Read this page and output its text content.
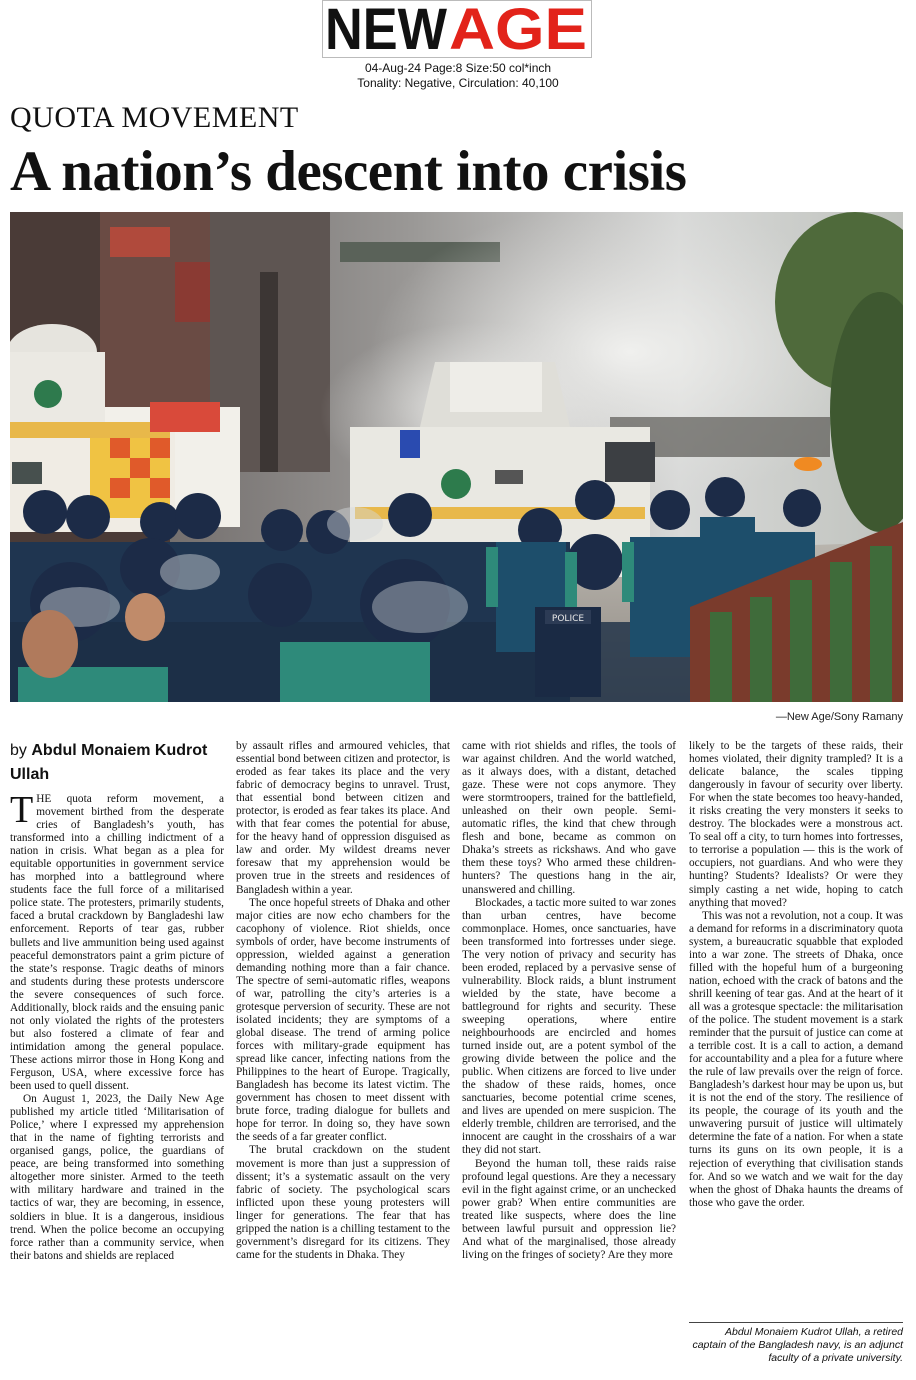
NEW AGE
04-Aug-24 Page:8 Size:50 col*inch
Tonality: Negative, Circulation: 40,100
QUOTA MOVEMENT
A nation’s descent into crisis
POLICE
—New Age/Sony Ramany
by Abdul Monaiem Kudrot Ullah

THE quota reform movement, a movement birthed from the desperate cries of Bangladesh’s youth, has transformed into a chilling indictment of a nation in crisis. What began as a plea for equitable opportunities in government service has morphed into a battleground where students face the full force of a militarised police state. The protesters, primarily students, faced a brutal crackdown by Bangladeshi law enforcement. Reports of tear gas, rubber bullets and live ammunition being used against peaceful demonstrators paint a grim picture of the state’s response. Tragic deaths of minors and students during these protests underscore the severe consequences of such force. Additionally, block raids and the ensuing panic not only violated the rights of the protesters but also fostered a climate of fear and intimidation among the general populace. These actions mirror those in Hong Kong and Ferguson, USA, where excessive force has been used to quell dissent.

On August 1, 2023, the Daily New Age published my article titled ‘Militarisation of Police,’ where I expressed my apprehension that in the name of fighting terrorists and organised gangs, police, the guardians of peace, are being transformed into something altogether more sinister. Armed to the teeth with military hardware and trained in the tactics of war, they are becoming, in essence, soldiers in blue. It is a dangerous, insidious trend. When the police become an occupying force rather than a community service, when their batons and shields are replaced

by assault rifles and armoured vehicles, that essential bond between citizen and protector, is eroded as fear takes its place and the very fabric of democracy begins to unravel. Trust, that essential bond between citizen and protector, is eroded as fear takes its place. And with that fear comes the potential for abuse, for the heavy hand of oppression disguised as law and order. My wildest dreams never foresaw that my apprehension would be proven true in the streets and residences of Bangladesh within a year.

The once hopeful streets of Dhaka and other major cities are now echo chambers for the cacophony of violence. Riot shields, once symbols of order, have become instruments of oppression, wielded against a generation demanding nothing more than a fair chance. The spectre of semi-automatic rifles, weapons of war, patrolling the city’s arteries is a grotesque perversion of security. These are not isolated incidents; they are symptoms of a global disease. The trend of arming police forces with military-grade equipment has spread like cancer, infecting nations from the Philippines to the heart of Europe. Tragically, Bangladesh has become its latest victim. The government has chosen to meet dissent with brute force, trading dialogue for bullets and hope for terror. In doing so, they have sown the seeds of a far greater conflict.

The brutal crackdown on the student movement is more than just a suppression of dissent; it’s a systematic assault on the very fabric of society. The psychological scars inflicted upon these young protesters will linger for generations. The fear that has gripped the nation is a chilling testament to the government’s disregard for its citizens. They came for the students in Dhaka. They

came with riot shields and rifles, the tools of war against children. And the world watched, as it always does, with a distant, detached gaze. These were not cops anymore. They were stormtroopers, trained for the battlefield, unleashed on their own people. Semi-automatic rifles, the kind that chew through flesh and bone, became as common on Dhaka’s streets as rickshaws. And who gave them these toys? Who armed these children-hunters? The questions hang in the air, unanswered and chilling.

Blockades, a tactic more suited to war zones than urban centres, have become commonplace. Homes, once sanctuaries, have been transformed into fortresses under siege. The very notion of privacy and security has been eroded, replaced by a pervasive sense of vulnerability. Block raids, a blunt instrument wielded by the state, have become a battleground for rights and security. These sweeping operations, where entire neighbourhoods are encircled and homes turned inside out, are a potent symbol of the growing divide between the police and the public. When citizens are forced to live under the shadow of these raids, homes, once sanctuaries, become potential crime scenes, and lives are upended on mere suspicion. The elderly tremble, children are terrorised, and the innocent are caught in the crosshairs of a war they did not start.

Beyond the human toll, these raids raise profound legal questions. Are they a necessary evil in the fight against crime, or an unchecked power grab? When entire communities are treated like suspects, where does the line between lawful pursuit and oppression lie? And what of the marginalised, those already living on the fringes of society? Are they more

likely to be the targets of these raids, their homes violated, their dignity trampled? It is a delicate balance, the scales tipping dangerously in favour of security over liberty. For when the state becomes too heavy-handed, it risks creating the very monsters it seeks to destroy. The blockades were a monstrous act. To seal off a city, to turn homes into fortresses, to terrorise a population — this is the work of occupiers, not guardians. And who were they hunting? Students? Idealists? Or were they simply casting a net wide, hoping to catch anything that moved?

This was not a revolution, not a coup. It was a demand for reforms in a discriminatory quota system, a bureaucratic squabble that exploded into a war zone. The streets of Dhaka, once filled with the hopeful hum of a burgeoning nation, echoed with the crack of batons and the shrill keening of tear gas. And at the heart of it all was a grotesque spectacle: the militarisation of the police. The student movement is a stark reminder that the pursuit of justice can come at a terrible cost. It is a call to action, a demand for accountability and a plea for a future where the rule of law prevails over the reign of force. Bangladesh’s darkest hour may be upon us, but it is not the end of the story. The resilience of its people, the courage of its youth and the unwavering pursuit of justice will ultimately determine the fate of a nation. For when a state turns its guns on its own people, it is a rejection of everything that civilisation stands for. And so we watch and we wait for the day when the ghost of Dhaka haunts the dreams of those who gave the order.

Abdul Monaiem Kudrot Ullah, a retired captain of the Bangladesh navy, is an adjunct faculty of a private university.
